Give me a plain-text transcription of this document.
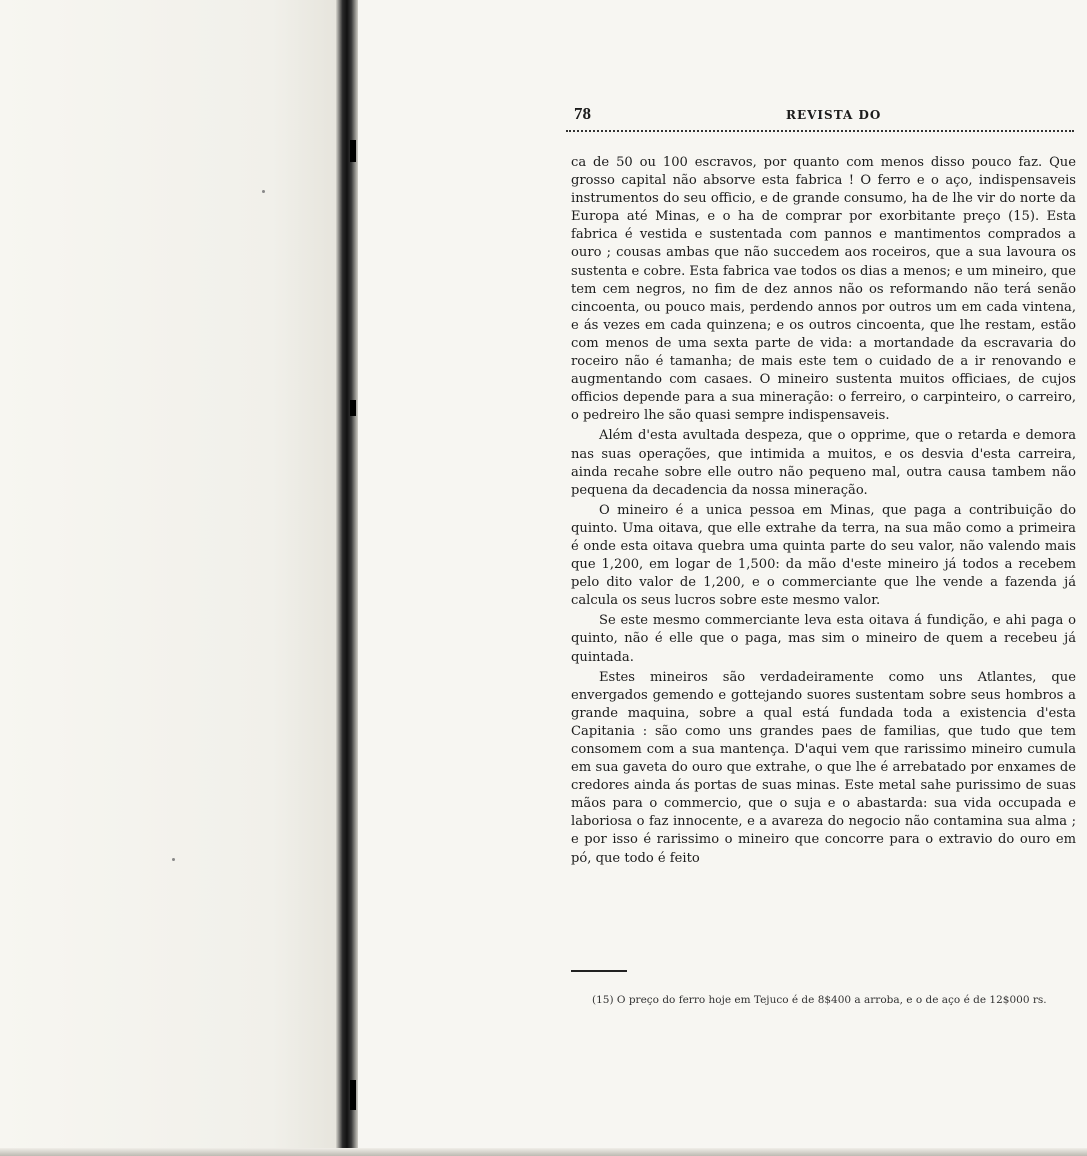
78	REVISTA DO

ca de 50 ou 100 escravos, por quanto com menos disso pouco faz. Que grosso capital não absorve esta fabrica ! O ferro e o aço, indispensaveis instrumentos do seu officio, e de grande consumo, ha de lhe vir do norte da Europa até Minas, e o ha de comprar por exorbitante preço (15). Esta fabrica é vestida e sustentada com pannos e mantimentos comprados a ouro ; cousas ambas que não succedem aos roceiros, que a sua lavoura os sustenta e cobre. Esta fabrica vae todos os dias a menos; e um mineiro, que tem cem negros, no fim de dez annos não os reformando não terá senão cincoenta, ou pouco mais, perdendo annos por outros um em cada vintena, e ás vezes em cada quinzena; e os outros cincoenta, que lhe restam, estão com menos de uma sexta parte de vida: a mortandade da escravaria do roceiro não é tamanha; de mais este tem o cuidado de a ir renovando e augmentando com casaes. O mineiro sustenta muitos officiaes, de cujos officios depende para a sua mineração: o ferreiro, o carpinteiro, o carreiro, o pedreiro lhe são quasi sempre indispensaveis.

Além d'esta avultada despeza, que o opprime, que o retarda e demora nas suas operações, que intimida a muitos, e os desvia d'esta carreira, ainda recahe sobre elle outro não pequeno mal, outra causa tambem não pequena da decadencia da nossa mineração.

O mineiro é a unica pessoa em Minas, que paga a contribuição do quinto. Uma oitava, que elle extrahe da terra, na sua mão como a primeira é onde esta oitava quebra uma quinta parte do seu valor, não valendo mais que 1,200, em logar de 1,500: da mão d'este mineiro já todos a recebem pelo dito valor de 1,200, e o commerciante que lhe vende a fazenda já calcula os seus lucros sobre este mesmo valor.

Se este mesmo commerciante leva esta oitava á fundição, e ahi paga o quinto, não é elle que o paga, mas sim o mineiro de quem a recebeu já quintada.

Estes mineiros são verdadeiramente como uns Atlantes, que envergados gemendo e gottejando suores sustentam sobre seus hombros a grande maquina, sobre a qual está fundada toda a existencia d'esta Capitania : são como uns grandes paes de familias, que tudo que tem consomem com a sua mantença. D'aqui vem que rarissimo mineiro cumula em sua gaveta do ouro que extrahe, o que lhe é arrebatado por enxames de credores ainda ás portas de suas minas. Este metal sahe purissimo de suas mãos para o commercio, que o suja e o abastarda: sua vida occupada e laboriosa o faz innocente, e a avareza do negocio não contamina sua alma ; e por isso é rarissimo o mineiro que concorre para o extravio do ouro em pó, que todo é feito

(15) O preço do ferro hoje em Tejuco é de 8$400 a arroba, e o de aço é de 12$000 rs.
